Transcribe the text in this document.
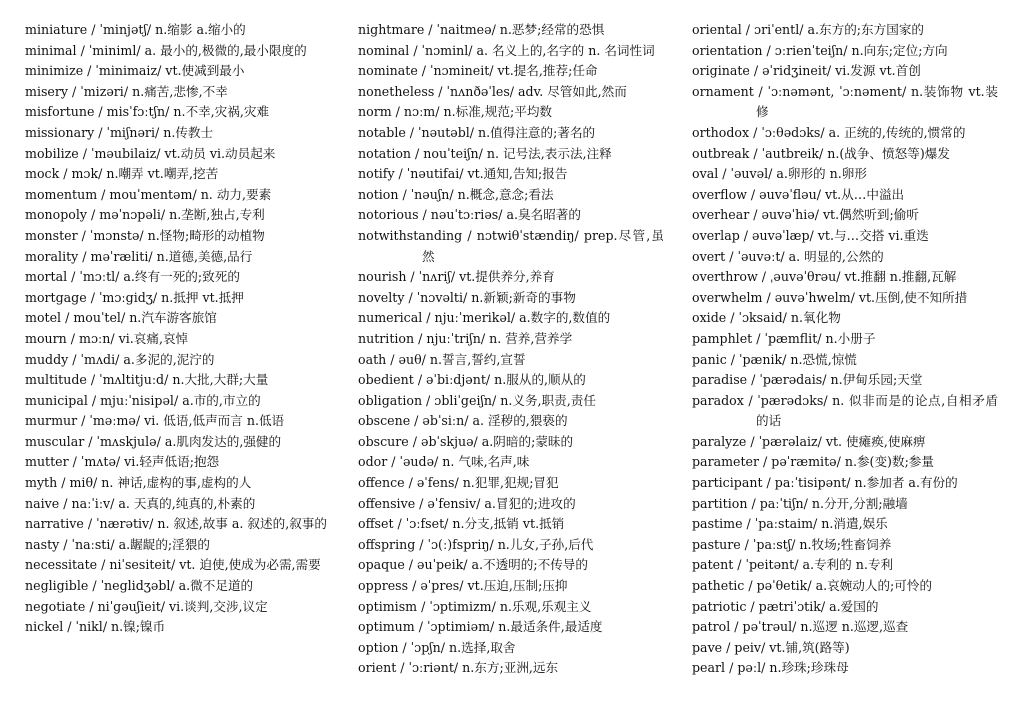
miniature / ˈminjətʃ/ n.缩影 a.缩小的
minimal / ˈminiml/ a. 最小的,极微的,最小限度的
minimize / ˈminimaiz/ vt.使减到最小
misery / ˈmizəri/ n.痛苦,悲惨,不幸
misfortune / misˈfɔːtʃn/ n.不幸,灾祸,灾难
missionary / ˈmiʃnəri/ n.传教士
mobilize / ˈməubilaiz/ vt.动员 vi.动员起来
mock / mɔk/ n.嘲弄 vt.嘲弄,挖苦
momentum / mouˈmentəm/ n. 动力,要素
monopoly / məˈnɔpəli/ n.垄断,独占,专利
monster / ˈmɔnstə/ n.怪物;畸形的动植物
morality / məˈræliti/ n.道德,美德,品行
mortal / ˈmɔːtl/ a.终有一死的;致死的
mortgage / ˈmɔːgidʒ/ n.抵押 vt.抵押
motel / mouˈtel/ n.汽车游客旅馆
mourn / mɔːn/ vi.哀痛,哀悼
muddy / ˈmʌdi/ a.多泥的,泥泞的
multitude / ˈmʌltitjuːd/ n.大批,大群;大量
municipal / mjuːˈnisipəl/ a.市的,市立的
murmur / ˈməːmə/ vi. 低语,低声而言 n.低语
muscular / ˈmʌskjulə/ a.肌肉发达的,强健的
mutter / ˈmʌtə/ vi.轻声低语;抱怨
myth / miθ/ n. 神话,虚构的事,虚构的人
naive / naːˈiːv/ a. 天真的,纯真的,朴素的
narrative / ˈnærətiv/ n. 叙述,故事 a. 叙述的,叙事的
nasty / ˈnaːsti/ a.龌龊的;淫猥的
necessitate / niˈsesiteit/ vt. 迫使,使成为必需,需要
negligible / ˈneglidʒəbl/ a.微不足道的
negotiate / niˈgəuʃieit/ vi.谈判,交涉,议定
nickel / ˈnikl/ n.镍;镍币
nightmare / ˈnaitmeə/ n.恶梦;经常的恐惧
nominal / ˈnɔminl/ a. 名义上的,名字的 n. 名词性词
nominate / ˈnɔmineit/ vt.提名,推荐;任命
nonetheless / ˈnʌnðəˈles/ adv. 尽管如此,然而
norm / nɔːm/ n.标准,规范;平均数
notable / ˈnəutəbl/ n.值得注意的;著名的
notation / nouˈteiʃn/ n. 记号法,表示法,注释
notify / ˈnəutifai/ vt.通知,告知;报告
notion / ˈnəuʃn/ n.概念,意念;看法
notorious / nəuˈtɔːriəs/ a.臭名昭著的
notwithstanding / nɔtwiθˈstændiŋ/ prep.尽管,虽然
nourish / ˈnʌriʃ/ vt.提供养分,养育
novelty / ˈnɔvəlti/ n.新颖;新奇的事物
numerical / njuːˈmerikəl/ a.数字的,数值的
nutrition / njuːˈtriʃn/ n. 营养,营养学
oath / əuθ/ n.誓言,誓约,宣誓
obedient / əˈbiːdjənt/ n.服从的,顺从的
obligation / ɔbliˈgeiʃn/ n.义务,职责,责任
obscene / əbˈsiːn/ a. 淫秽的,猥亵的
obscure / əbˈskjuə/ a.阴暗的;蒙昧的
odor / ˈəudə/ n. 气味,名声,味
offence / əˈfens/ n.犯罪,犯规;冒犯
offensive / əˈfensiv/ a.冒犯的;进攻的
offset / ˈɔːfset/ n.分支,抵销 vt.抵销
offspring / ˈɔ(ː)fspriŋ/ n.儿女,子孙,后代
opaque / əuˈpeik/ a.不透明的;不传导的
oppress / əˈpres/ vt.压迫,压制;压抑
optimism / ˈɔptimizm/ n.乐观,乐观主义
optimum / ˈɔptimiəm/ n.最适条件,最适度
option / ˈɔpʃn/ n.选择,取舍
orient / ˈɔːriənt/ n.东方;亚洲,远东
oriental / ɔriˈentl/ a.东方的;东方国家的
orientation / ɔːrienˈteiʃn/ n.向东;定位;方向
originate / əˈridʒineit/ vi.发源 vt.首创
ornament / ˈɔːnəmənt, ˈɔːnəment/ n.装饰物 vt.装修
orthodox / ˈɔːθədɔks/ a. 正统的,传统的,惯常的
outbreak / ˈautbreik/ n.(战争、愤怒等)爆发
oval / ˈəuvəl/ a.卵形的 n.卵形
overflow / əuvəˈfləu/ vt.从…中溢出
overhear / əuvəˈhiə/ vt.偶然听到;偷听
overlap / əuvəˈlæp/ vt.与…交搭 vi.重迭
overt / ˈəuvəːt/ a. 明显的,公然的
overthrow / ˌəuvəˈθrəu/ vt.推翻 n.推翻,瓦解
overwhelm / əuvəˈhwelm/ vt.压倒,使不知所措
oxide / ˈɔksaid/ n.氧化物
pamphlet / ˈpæmflit/ n.小册子
panic / ˈpænik/ n.恐慌,惊慌
paradise / ˈpærədais/ n.伊甸乐园;天堂
paradox / ˈpærədɔks/ n. 似非而是的论点,自相矛盾的话
paralyze / ˈpærəlaiz/ vt. 使瘫痪,使麻痹
parameter / pəˈræmitə/ n.参(变)数;参量
participant / paːˈtisipənt/ n.参加者 a.有份的
partition / paːˈtiʃn/ n.分开,分割;融墙
pastime / ˈpaːstaim/ n.消遣,娱乐
pasture / ˈpaːstʃ/ n.牧场;牲畜饲养
patent / ˈpeitənt/ a.专利的 n.专利
pathetic / pəˈθetik/ a.哀婉动人的;可怜的
patriotic / pætriˈɔtik/ a.爱国的
patrol / pəˈtrəul/ n.巡逻 n.巡逻,巡查
pave / peiv/ vt.铺,筑(路等)
pearl / pəːl/ n.珍珠;珍珠母
